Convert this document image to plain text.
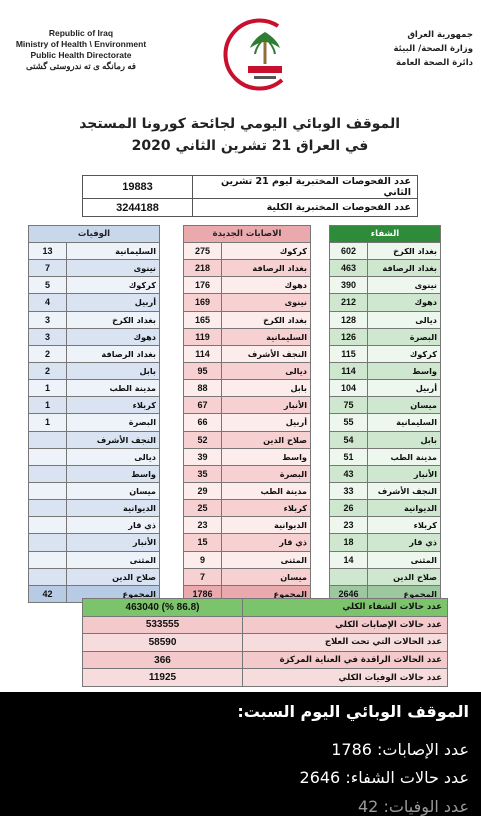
Republic of Iraq
Ministry of Health \ Environment
Public Health Directorate
فه رمانگه ی ته ندروستی گشتی
جمهورية العراق
وزارة الصحة/ البيئة
دائرة الصحة العامة
الموقف الوبائي اليومي لجائحة كورونا المستجد
في العراق 21 تشرين الثاني 2020
عدد الفحوصات المختبرية ليوم 21 تشرين الثاني	19883
عدد الفحوصات المختبرية الكلية	3244188
الشفاء	
بغداد الكرخ	602
بغداد الرصافة	463
نينوى	390
دهوك	212
ديالى	128
البصرة	126
كركوك	115
واسط	114
أربيل	104
ميسان	75
السليمانية	55
بابل	54
مدينة الطب	51
الأنبار	43
النجف الأشرف	33
الديوانية	26
كربلاء	23
ذي قار	18
المثنى	14
صلاح الدين	
المجموع	2646
الاصابات الجديدة	
كركوك	275
بغداد الرصافة	218
دهوك	176
نينوى	169
بغداد الكرخ	165
السليمانية	119
النجف الأشرف	114
ديالى	95
بابل	88
الأنبار	67
أربيل	66
صلاح الدين	52
واسط	39
البصرة	35
مدينة الطب	29
كربلاء	25
الديوانية	23
ذي قار	15
المثنى	9
ميسان	7
المجموع	1786
الوفيات	
السليمانية	13
نينوى	7
كركوك	5
أربيل	4
بغداد الكرخ	3
دهوك	3
بغداد الرصافة	2
بابل	2
مدينة الطب	1
كربلاء	1
البصرة	1
النجف الأشرف	
ديالى	
واسط	
ميسان	
الديوانية	
ذي قار	
الأنبار	
المثنى	
صلاح الدين	
المجموع	42
عدد حالات الشفاء الكلي	(86.8 %) 463040
عدد حالات الإصابات الكلي	533555
عدد الحالات التي تحت العلاج	58590
عدد الحالات الراقدة في العناية المركزة	366
عدد حالات الوفيات الكلي	11925
الموقف الوبائي اليوم السبت:
عدد الإصابات: 1786
عدد حالات الشفاء: 2646
عدد الوفيات: 42
